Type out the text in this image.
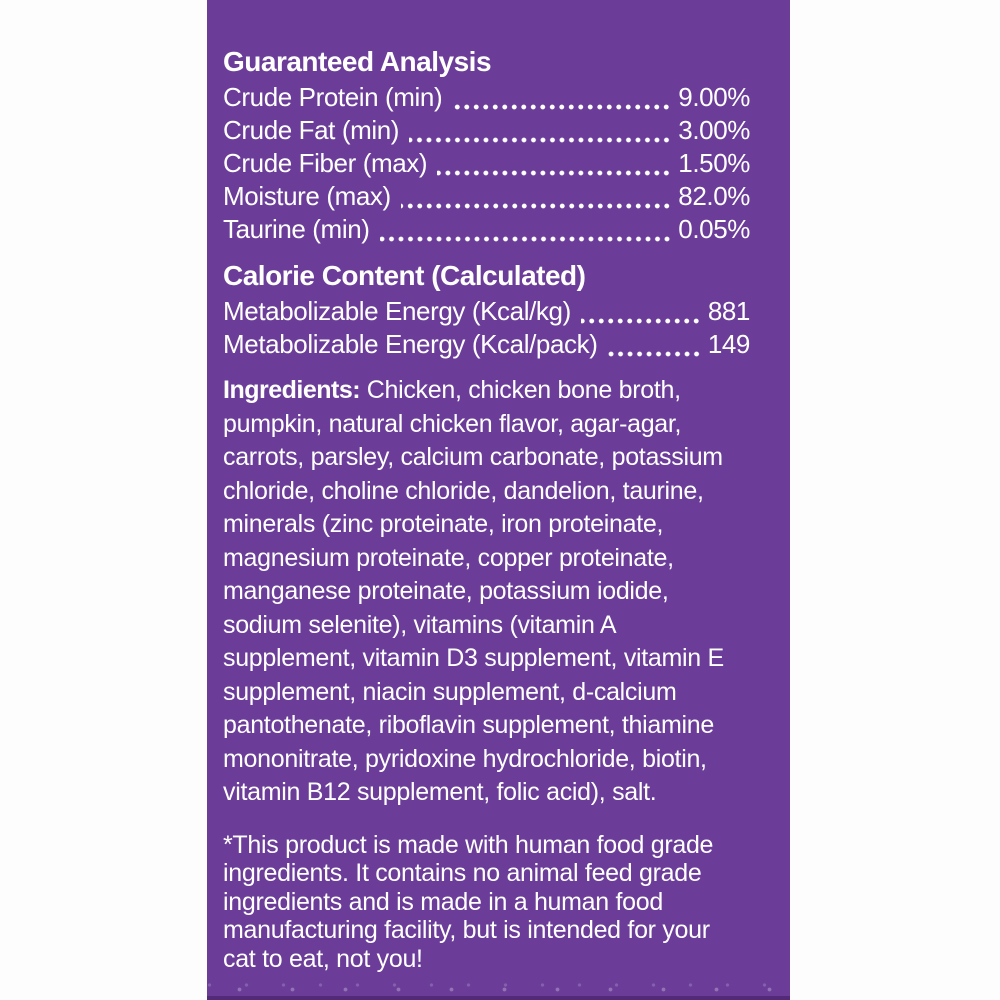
Guaranteed Analysis
Crude Protein (min)	9.00%
Crude Fat (min)	3.00%
Crude Fiber (max)	1.50%
Moisture (max)	82.0%
Taurine (min)	0.05%
Calorie Content (Calculated)
Metabolizable Energy (Kcal/kg)	881
Metabolizable Energy (Kcal/pack)	149

Ingredients: Chicken, chicken bone broth, pumpkin, natural chicken flavor, agar-agar, carrots, parsley, calcium carbonate, potassium chloride, choline chloride, dandelion, taurine, minerals (zinc proteinate, iron proteinate, magnesium proteinate, copper proteinate, manganese proteinate, potassium iodide, sodium selenite), vitamins (vitamin A supplement, vitamin D3 supplement, vitamin E supplement, niacin supplement, d-calcium pantothenate, riboflavin supplement, thiamine mononitrate, pyridoxine hydrochloride, biotin, vitamin B12 supplement, folic acid), salt.

*This product is made with human food grade ingredients. It contains no animal feed grade ingredients and is made in a human food manufacturing facility, but is intended for your cat to eat, not you!
